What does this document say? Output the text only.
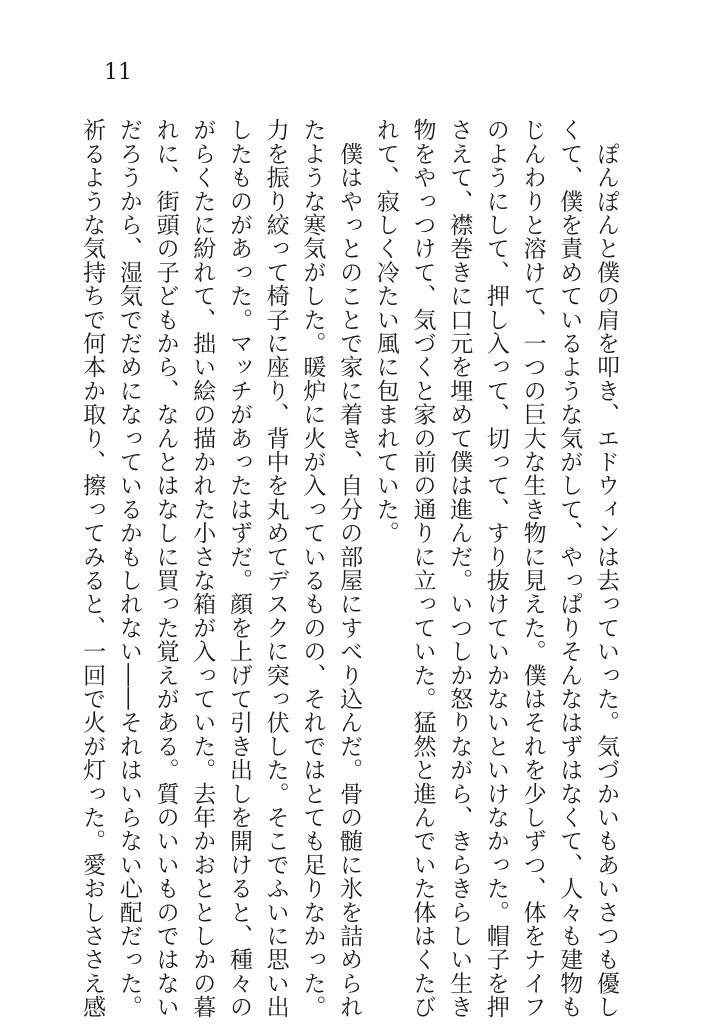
11
　ぽんぽんと僕の肩を叩き、エドウィンは去っていった。気づかいもあいさつも優し
くて、僕を責めているような気がして、やっぱりそんなはずはなくて、人々も建物も
じんわりと溶けて、一つの巨大な生き物に見えた。僕はそれを少しずつ、体をナイフ
のようにして、押し入って、切って、すり抜けていかないといけなかった。帽子を押
さえて、襟巻きに口元を埋めて僕は進んだ。いつしか怒りながら、きらきらしい生き
物をやっつけて、気づくと家の前の通りに立っていた。猛然と進んでいた体はくたび
れて、寂しく冷たい風に包まれていた。
　僕はやっとのことで家に着き、自分の部屋にすべり込んだ。骨の髄に氷を詰められ
たような寒気がした。暖炉に火が入っているものの、それではとても足りなかった。
力を振り絞って椅子に座り、背中を丸めてデスクに突っ伏した。そこでふいに思い出
したものがあった。マッチがあったはずだ。顔を上げて引き出しを開けると、種々の
がらくたに紛れて、拙い絵の描かれた小さな箱が入っていた。去年かおととしかの暮
れに、街頭の子どもから、なんとはなしに買った覚えがある。質のいいものではない
だろうから、湿気でだめになっているかもしれない――それはいらない心配だった。
祈るような気持ちで何本か取り、擦ってみると、一回で火が灯った。愛おしささえ感
